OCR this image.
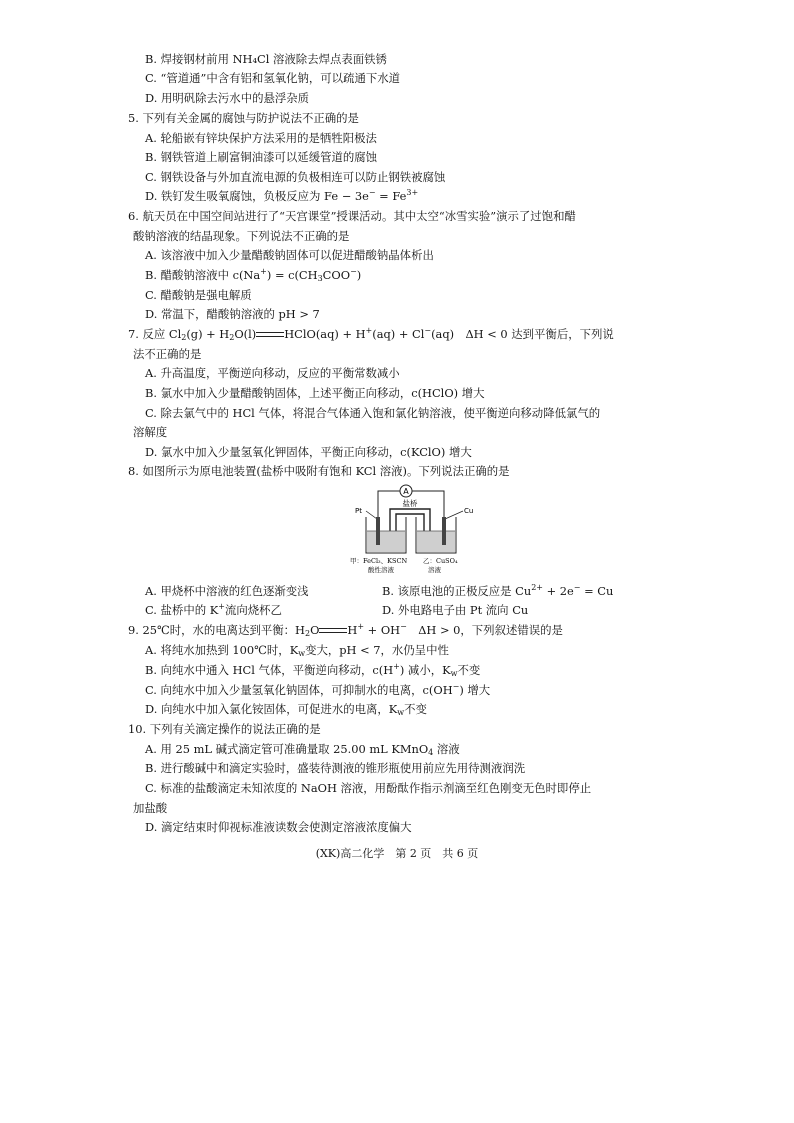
B. 焊接钢材前用 NH₄Cl 溶液除去焊点表面铁锈
C. “管道通”中含有铝和氢氧化钠，可以疏通下水道
D. 用明矾除去污水中的悬浮杂质
5. 下列有关金属的腐蚀与防护说法不正确的是
A. 轮船嵌有锌块保护方法采用的是牺牲阳极法
B. 钢铁管道上刷富铜油漆可以延缓管道的腐蚀
C. 钢铁设备与外加直流电源的负极相连可以防止钢铁被腐蚀
D. 铁钉发生吸氧腐蚀，负极反应为 $Fe - 3e^- = Fe^{3+}$
6. 航天员在中国空间站进行了“天宫课堂”授课活动。其中太空“冰雪实验”演示了过饱和醋
酸钠溶液的结晶现象。下列说法不正确的是
A. 该溶液中加入少量醋酸钠固体可以促进醋酸钠晶体析出
B. 醋酸钠溶液中 $c(Na^+) = c(CH_3COO^-)$
C. 醋酸钠是强电解质
D. 常温下，醋酸钠溶液的 pH > 7
7. 反应 $Cl_2(g) + H_2O(l)$ HClO(aq) + H+(aq) + Cl−(aq)　ΔH < 0 达到平衡后，下列说
法不正确的是
A. 升高温度，平衡逆向移动，反应的平衡常数减小
B. 氯水中加入少量醋酸钠固体，上述平衡正向移动，c(HClO) 增大
C. 除去氯气中的 HCl 气体，将混合气体通入饱和氯化钠溶液，使平衡逆向移动降低氯气的
溶解度
D. 氯水中加入少量氢氧化钾固体，平衡正向移动，c(KClO) 增大
8. 如图所示为原电池装置(盐桥中吸附有饱和 KCl 溶液)。下列说法正确的是
A
Pt	Cu
盐桥
甲：FeCl₃、KSCN
酸性溶液
乙：CuSO₄
溶液
A. 甲烧杯中溶液的红色逐渐变浅	B. 该原电池的正极反应是 $Cu^{2+} + 2e^- = Cu$
C. 盐桥中的 K+流向烧杯乙	D. 外电路电子由 Pt 流向 Cu
9. 25℃时，水的电离达到平衡：$H_2O$ H+ + OH−　ΔH > 0，下列叙述错误的是
A. 将纯水加热到 100℃时，$K_w$变大，pH < 7，水仍呈中性
B. 向纯水中通入 HCl 气体，平衡逆向移动，c(H+) 减小，$K_w$不变
C. 向纯水中加入少量氢氧化钠固体，可抑制水的电离，c(OH−) 增大
D. 向纯水中加入氯化铵固体，可促进水的电离，$K_w$不变
10. 下列有关滴定操作的说法正确的是
A. 用 25 mL 碱式滴定管可准确量取 25.00 mL KMnO$_4$ 溶液
B. 进行酸碱中和滴定实验时，盛装待测液的锥形瓶使用前应先用待测液润洗
C. 标准的盐酸滴定未知浓度的 NaOH 溶液，用酚酞作指示剂滴至红色刚变无色时即停止
加盐酸
D. 滴定结束时仰视标准液读数会使测定溶液浓度偏大
(XK)高二化学　第 2 页　共 6 页
